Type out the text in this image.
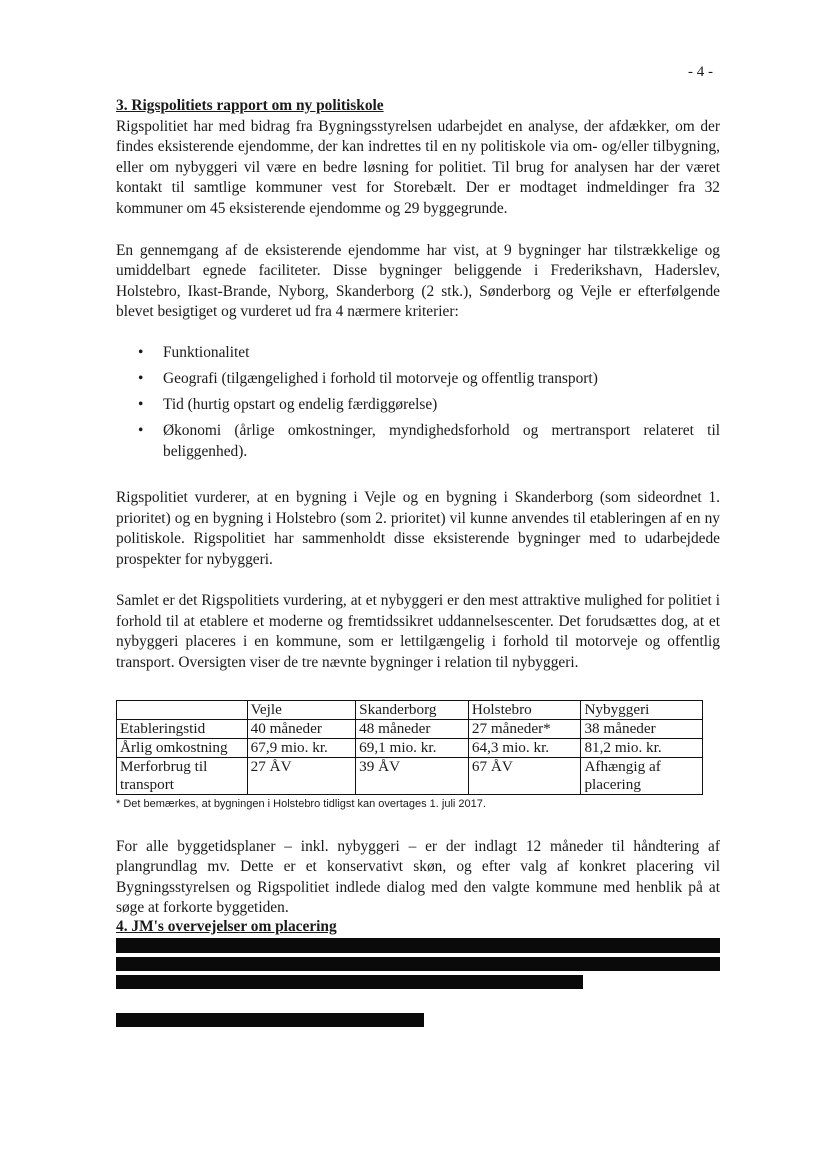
- 4 -
3. Rigspolitiets rapport om ny politiskole

Rigspolitiet har med bidrag fra Bygningsstyrelsen udarbejdet en analyse, der afdækker, om der findes eksisterende ejendomme, der kan indrettes til en ny politiskole via om- og/eller tilbygning, eller om nybyggeri vil være en bedre løsning for politiet. Til brug for analysen har der været kontakt til samtlige kommuner vest for Storebælt. Der er modtaget indmeldinger fra 32 kommuner om 45 eksisterende ejendomme og 29 byggegrunde.

En gennemgang af de eksisterende ejendomme har vist, at 9 bygninger har tilstrækkelige og umiddelbart egnede faciliteter. Disse bygninger beliggende i Frederikshavn, Haderslev, Holstebro, Ikast-Brande, Nyborg, Skanderborg (2 stk.), Sønderborg og Vejle er efterfølgende blevet besigtiget og vurderet ud fra 4 nærmere kriterier:

• Funktionalitet
• Geografi (tilgængelighed i forhold til motorveje og offentlig transport)
• Tid (hurtig opstart og endelig færdiggørelse)
• Økonomi (årlige omkostninger, myndighedsforhold og mertransport relateret til beliggenhed).

Rigspolitiet vurderer, at en bygning i Vejle og en bygning i Skanderborg (som sideordnet 1. prioritet) og en bygning i Holstebro (som 2. prioritet) vil kunne anvendes til etableringen af en ny politiskole. Rigspolitiet har sammenholdt disse eksisterende bygninger med to udarbejdede prospekter for nybyggeri.

Samlet er det Rigspolitiets vurdering, at et nybyggeri er den mest attraktive mulighed for politiet i forhold til at etablere et moderne og fremtidssikret uddannelsescenter. Det forudsættes dog, at et nybyggeri placeres i en kommune, som er lettilgængelig i forhold til motorveje og offentlig transport. Oversigten viser de tre nævnte bygninger i relation til nybyggeri.

	Vejle	Skanderborg	Holstebro	Nybyggeri
Etableringstid	40 måneder	48 måneder	27 måneder*	38 måneder
Årlig omkostning	67,9 mio. kr.	69,1 mio. kr.	64,3 mio. kr.	81,2 mio. kr.
Merforbrug til transport	27 ÅV	39 ÅV	67 ÅV	Afhængig af placering
* Det bemærkes, at bygningen i Holstebro tidligst kan overtages 1. juli 2017.

For alle byggetidsplaner – inkl. nybyggeri – er der indlagt 12 måneder til håndtering af plangrundlag mv. Dette er et konservativt skøn, og efter valg af konkret placering vil Bygningsstyrelsen og Rigspolitiet indlede dialog med den valgte kommune med henblik på at søge at forkorte byggetiden.

4. JM's overvejelser om placering
